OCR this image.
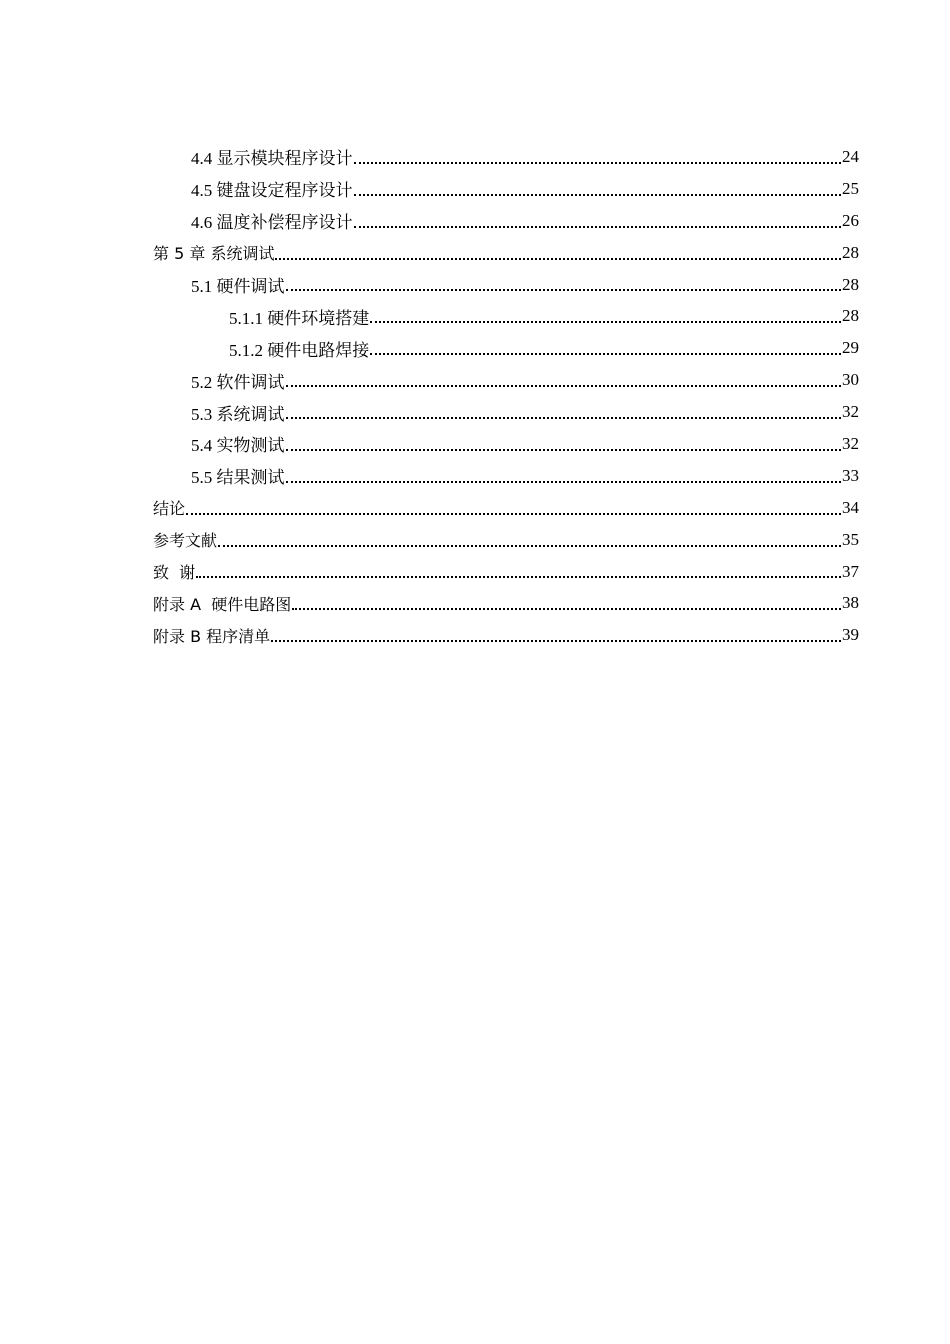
4.4 显示模块程序设计	24
4.5 键盘设定程序设计	25
4.6 温度补偿程序设计	26
第 5 章 系统调试	28
5.1 硬件调试	28
5.1.1 硬件环境搭建	28
5.1.2 硬件电路焊接	29
5.2 软件调试	30
5.3 系统调试	32
5.4 实物测试	32
5.5 结果测试	33
结论	34
参考文献	35
致  谢	37
附录 A  硬件电路图	38
附录 B 程序清单	39
